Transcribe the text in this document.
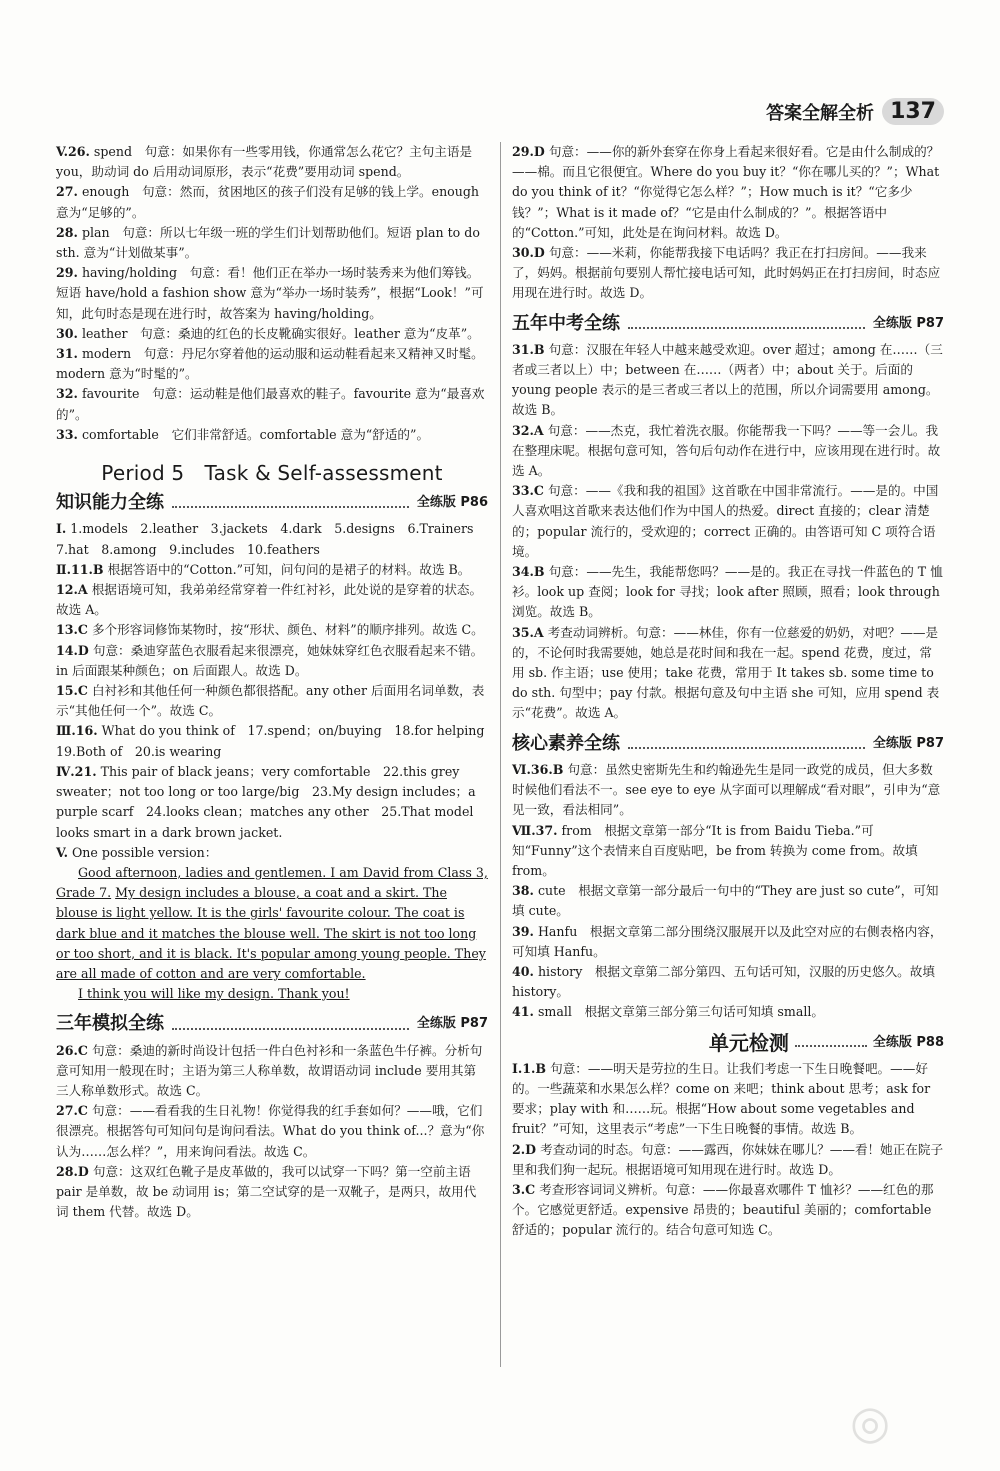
答案全解全析 137

V.26. spend　句意：如果你有一些零用钱，你通常怎么花它？主句主语是 you，助动词 do 后用动词原形，表示“花费”要用动词 spend。

27. enough　句意：然而，贫困地区的孩子们没有足够的钱上学。enough 意为“足够的”。

28. plan　句意：所以七年级一班的学生们计划帮助他们。短语 plan to do sth. 意为“计划做某事”。

29. having/holding　句意：看！他们正在举办一场时装秀来为他们筹钱。短语 have/hold a fashion show 意为“举办一场时装秀”，根据“Look！”可知，此句时态是现在进行时，故答案为 having/holding。

30. leather　句意：桑迪的红色的长皮靴确实很好。leather 意为“皮革”。

31. modern　句意：丹尼尔穿着他的运动服和运动鞋看起来又精神又时髦。modern 意为“时髦的”。

32. favourite　句意：运动鞋是他们最喜欢的鞋子。favourite 意为“最喜欢的”。

33. comfortable　它们非常舒适。comfortable 意为“舒适的”。

Period 5　Task & Self-assessment
知识能力全练	全练版 P86

Ⅰ. 1.models　2.leather　3.jackets　4.dark　5.designs　6.Trainers　7.hat　8.among　9.includes　10.feathers

Ⅱ.11.B 根据答语中的“Cotton.”可知，问句问的是裙子的材料。故选 B。

12.A 根据语境可知，我弟弟经常穿着一件红衬衫，此处说的是穿着的状态。故选 A。

13.C 多个形容词修饰某物时，按“形状、颜色、材料”的顺序排列。故选 C。

14.D 句意：桑迪穿蓝色衣服看起来很漂亮，她妹妹穿红色衣服看起来不错。in 后面跟某种颜色；on 后面跟人。故选 D。

15.C 白衬衫和其他任何一种颜色都很搭配。any other 后面用名词单数，表示“其他任何一个”。故选 C。

Ⅲ.16. What do you think of　17.spend；on/buying　18.for helping　19.Both of　20.is wearing

Ⅳ.21. This pair of black jeans；very comfortable　22.this grey sweater；not too long or too large/big　23.My design includes；a purple scarf　24.looks clean；matches any other　25.That model looks smart in a dark brown jacket.

V. One possible version：

Good afternoon, ladies and gentlemen. I am David from Class 3, Grade 7. My design includes a blouse, a coat and a skirt. The blouse is light yellow. It is the girls' favourite colour. The coat is dark blue and it matches the blouse well. The skirt is not too long or too short, and it is black. It's popular among young people. They are all made of cotton and are very comfortable.

I think you will like my design. Thank you!

三年模拟全练	全练版 P87

26.C 句意：桑迪的新时尚设计包括一件白色衬衫和一条蓝色牛仔裤。分析句意可知用一般现在时；主语为第三人称单数，故谓语动词 include 要用其第三人称单数形式。故选 C。

27.C 句意：——看看我的生日礼物！你觉得我的红手套如何？——哦，它们很漂亮。根据答句可知问句是询问看法。What do you think of...？意为“你认为……怎么样？”，用来询问看法。故选 C。

28.D 句意：这双红色靴子是皮革做的，我可以试穿一下吗？第一空前主语 pair 是单数，故 be 动词用 is；第二空试穿的是一双靴子，是两只，故用代词 them 代替。故选 D。

29.D 句意：——你的新外套穿在你身上看起来很好看。它是由什么制成的？——棉。而且它很便宜。Where do you buy it？“你在哪儿买的？”；What do you think of it？“你觉得它怎么样？”；How much is it？“它多少钱？”；What is it made of？“它是由什么制成的？”。根据答语中的“Cotton.”可知，此处是在询问材料。故选 D。

30.D 句意：——米莉，你能帮我接下电话吗？我正在打扫房间。——我来了，妈妈。根据前句要别人帮忙接电话可知，此时妈妈正在打扫房间，时态应用现在进行时。故选 D。

五年中考全练	全练版 P87

31.B 句意：汉服在年轻人中越来越受欢迎。over 超过；among 在……（三者或三者以上）中；between 在……（两者）中；about 关于。后面的 young people 表示的是三者或三者以上的范围，所以介词需要用 among。故选 B。

32.A 句意：——杰克，我忙着洗衣服。你能帮我一下吗？——等一会儿。我在整理床呢。根据句意可知，答句后句动作在进行中，应该用现在进行时。故选 A。

33.C 句意：——《我和我的祖国》这首歌在中国非常流行。——是的。中国人喜欢唱这首歌来表达他们作为中国人的热爱。direct 直接的；clear 清楚的；popular 流行的，受欢迎的；correct 正确的。由答语可知 C 项符合语境。

34.B 句意：——先生，我能帮您吗？——是的。我正在寻找一件蓝色的 T 恤衫。look up 查阅；look for 寻找；look after 照顾，照看；look through 浏览。故选 B。

35.A 考查动词辨析。句意：——林佳，你有一位慈爱的奶奶，对吧？——是的，不论何时我需要她，她总是花时间和我在一起。spend 花费，度过，常用 sb. 作主语；use 使用；take 花费，常用于 It takes sb. some time to do sth. 句型中；pay 付款。根据句意及句中主语 she 可知，应用 spend 表示“花费”。故选 A。

核心素养全练	全练版 P87

Ⅵ.36.B 句意：虽然史密斯先生和约翰逊先生是同一政党的成员，但大多数时候他们看法不一。see eye to eye 从字面可以理解成“看对眼”，引申为“意见一致，看法相同”。

Ⅶ.37. from　根据文章第一部分“It is from Baidu Tieba.”可知“Funny”这个表情来自百度贴吧，be from 转换为 come from。故填 from。

38. cute　根据文章第一部分最后一句中的“They are just so cute”，可知填 cute。

39. Hanfu　根据文章第二部分围绕汉服展开以及此空对应的右侧表格内容，可知填 Hanfu。

40. history　根据文章第二部分第四、五句话可知，汉服的历史悠久。故填 history。

41. small　根据文章第三部分第三句话可知填 small。

单元检测	全练版 P88

Ⅰ.1.B 句意：——明天是劳拉的生日。让我们考虑一下生日晚餐吧。——好的。一些蔬菜和水果怎么样？come on 来吧；think about 思考；ask for 要求；play with 和……玩。根据“How about some vegetables and fruit？”可知，这里表示“考虑”一下生日晚餐的事情。故选 B。

2.D 考查动词的时态。句意：——露西，你妹妹在哪儿？——看！她正在院子里和我们狗一起玩。根据语境可知用现在进行时。故选 D。

3.C 考查形容词词义辨析。句意：——你最喜欢哪件 T 恤衫？——红色的那个。它感觉更舒适。expensive 昂贵的；beautiful 美丽的；comfortable 舒适的；popular 流行的。结合句意可知选 C。

◎
